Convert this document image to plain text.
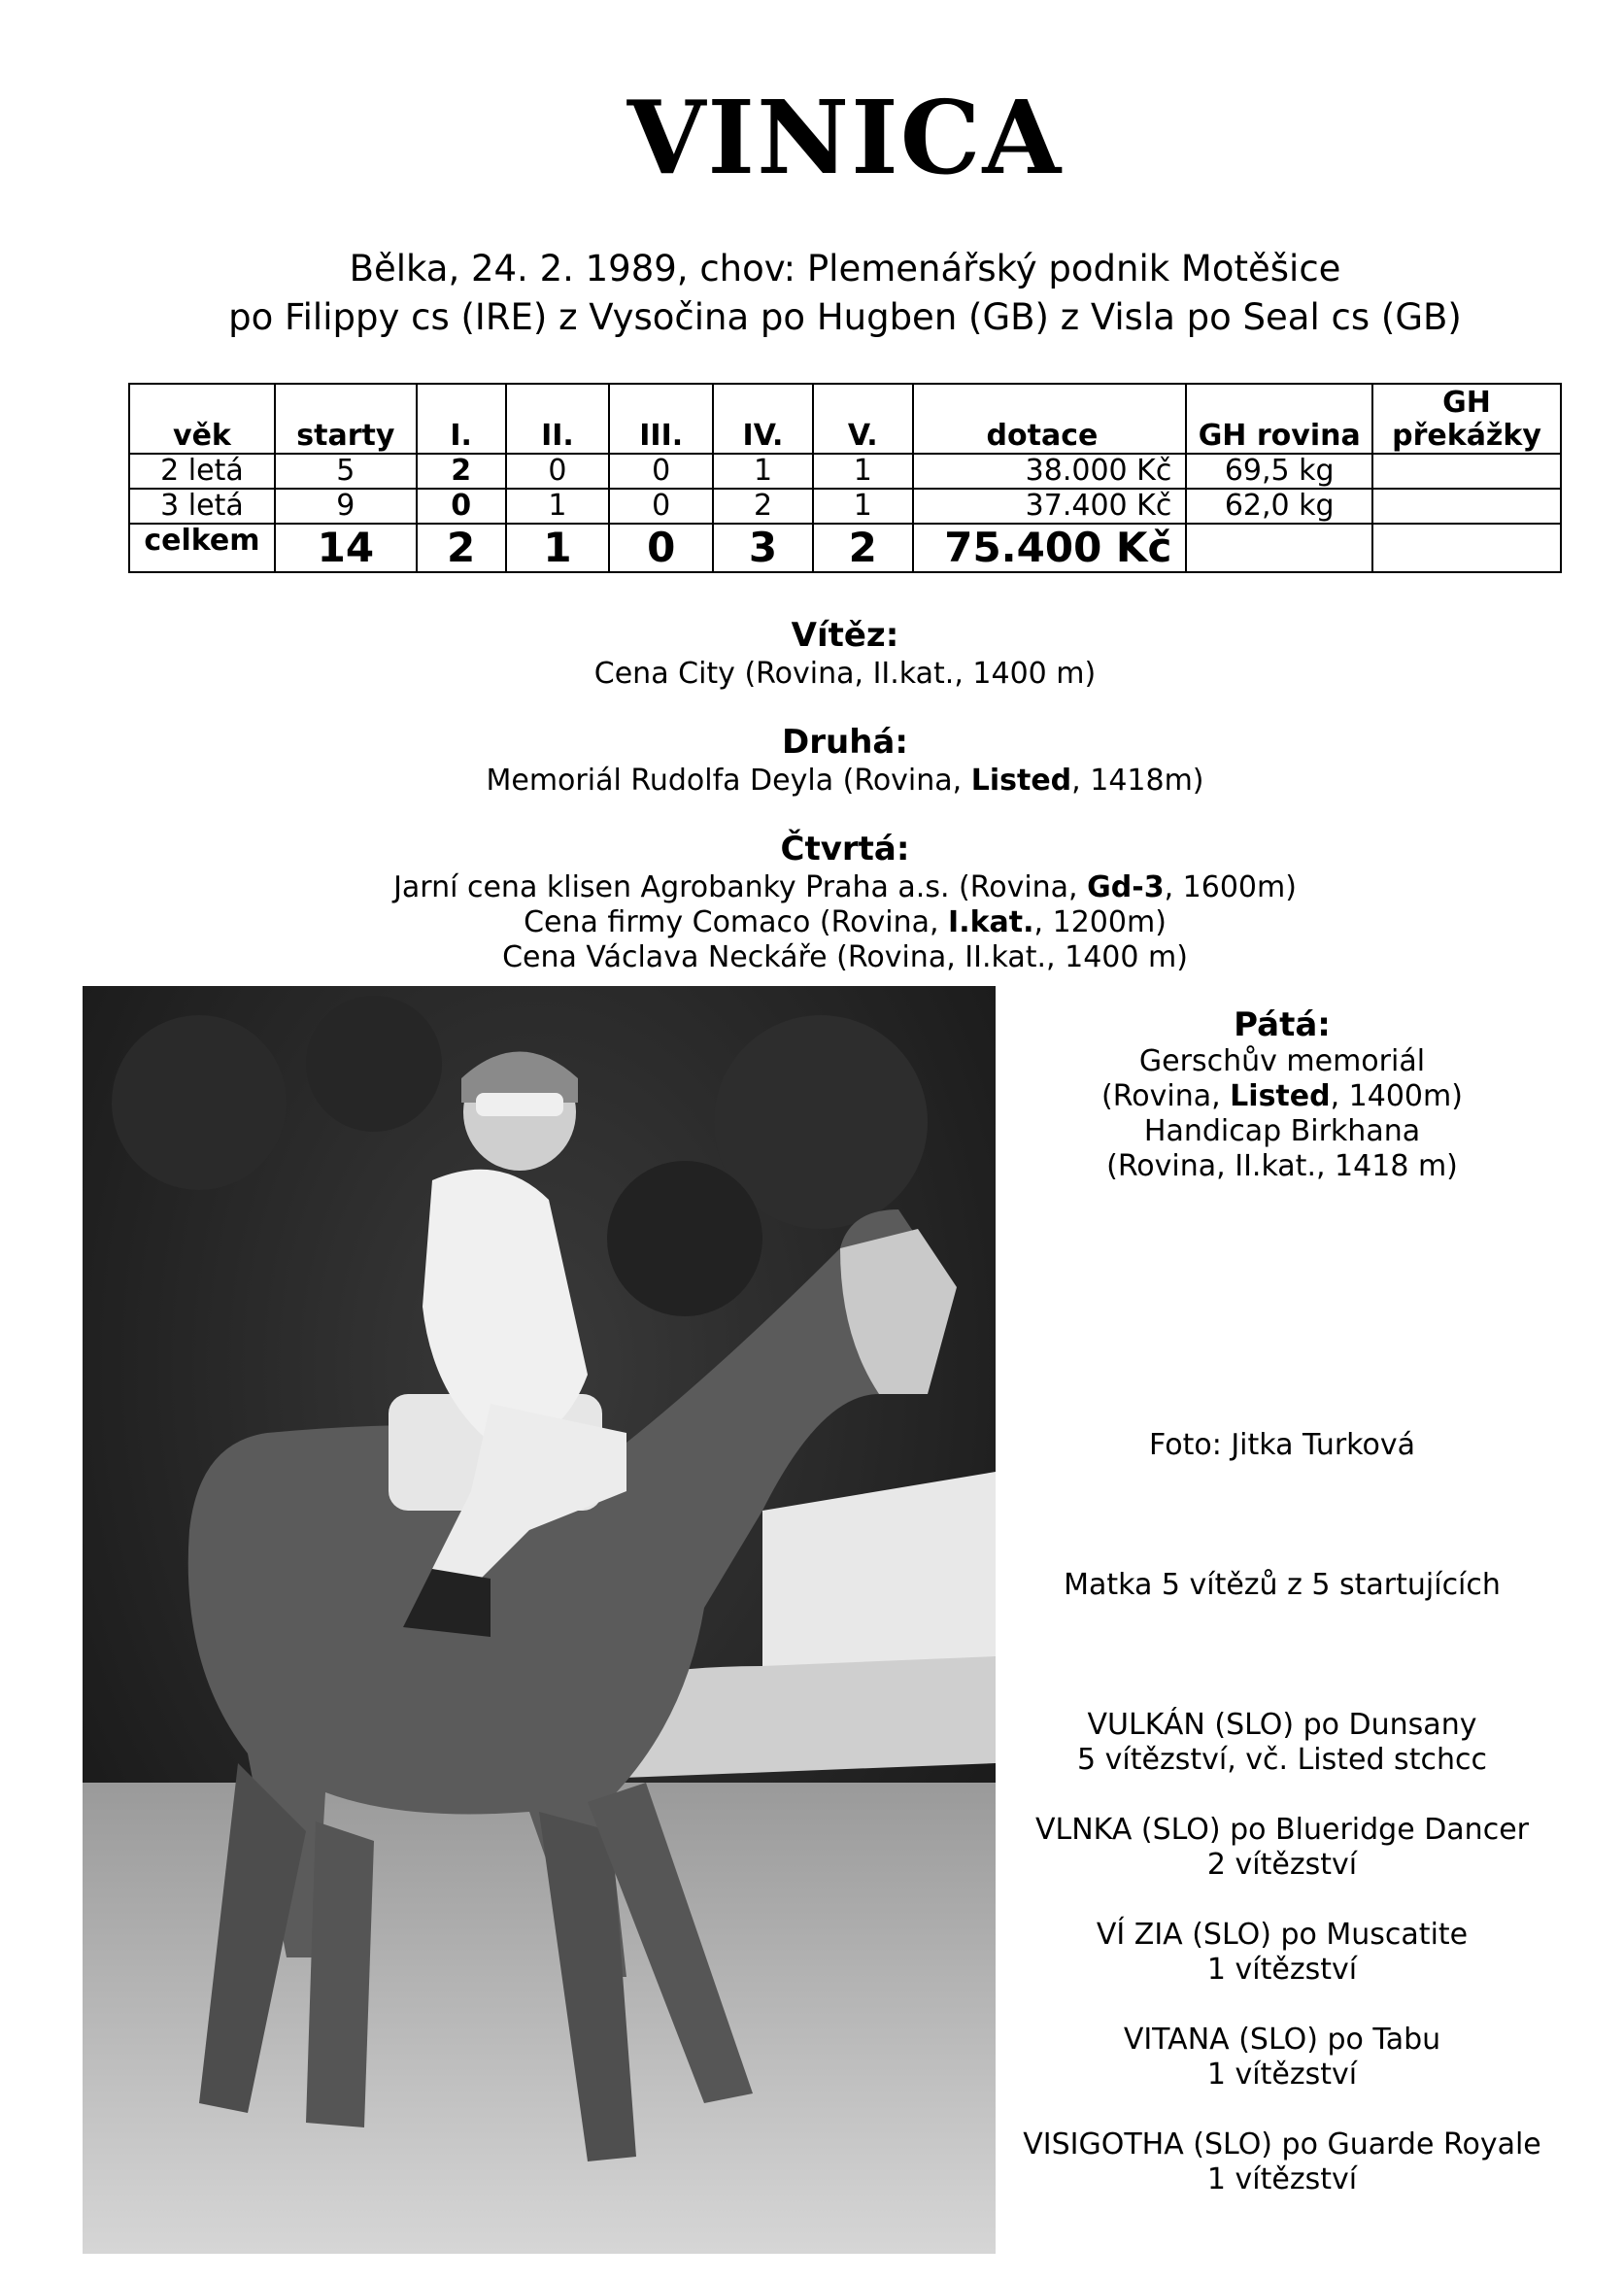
VINICA
Bělka, 24. 2. 1989, chov: Plemenářský podnik Motěšice
po Filippy cs (IRE) z Vysočina po Hugben (GB) z Visla po Seal cs (GB)
věk	starty	I.	II.	III.	IV.	V.	dotace	GH rovina	GH překážky
2 letá	5	2	0	0	1	1	38.000 Kč	69,5 kg	
3 letá	9	0	1	0	2	1	37.400 Kč	62,0 kg	
celkem	14	2	1	0	3	2	75.400 Kč		
Vítěz:
Cena City (Rovina, II.kat., 1400 m)
Druhá:
Memoriál Rudolfa Deyla (Rovina, Listed, 1418m)
Čtvrtá:
Jarní cena klisen Agrobanky Praha a.s. (Rovina, Gd-3, 1600m)
Cena firmy Comaco (Rovina, I.kat., 1200m)
Cena Václava Neckáře (Rovina, II.kat., 1400 m)
Pátá:
Gerschův memoriál
(Rovina, Listed, 1400m)
Handicap Birkhana
(Rovina, II.kat., 1418 m)
Foto: Jitka Turková
Matka 5 vítězů z 5 startujících
VULKÁN (SLO) po Dunsany
5 vítězství, vč. Listed stchcc
VLNKA (SLO) po Blueridge Dancer
2 vítězství
VÍ ZIA (SLO) po Muscatite
1 vítězství
VITANA (SLO) po Tabu
1 vítězství
VISIGOTHA (SLO) po Guarde Royale
1 vítězství
